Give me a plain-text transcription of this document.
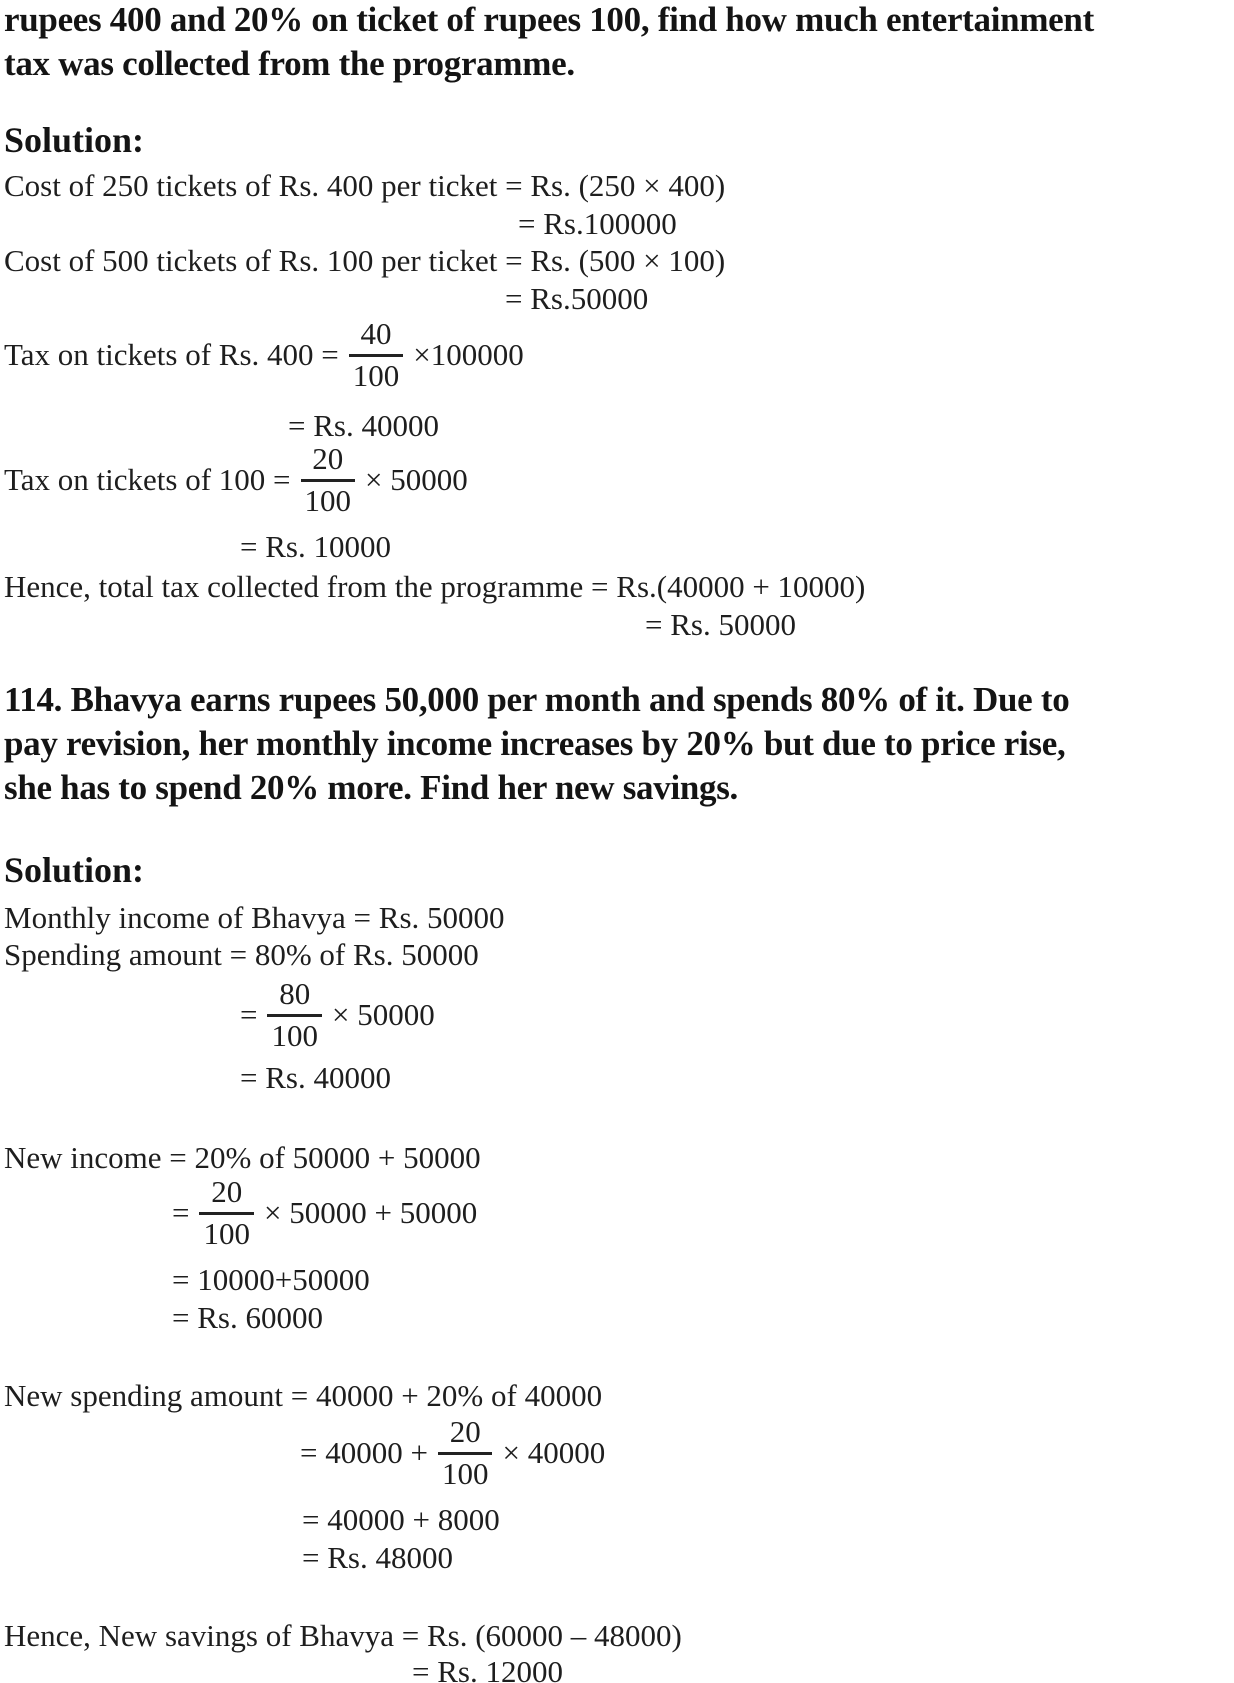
rupees 400 and 20% on ticket of rupees 100, find how much entertainment
tax was collected from the programme.
Solution:
Cost of 250 tickets of Rs. 400 per ticket = Rs. (250 × 400)
= Rs.100000
Cost of 500 tickets of Rs. 100 per ticket = Rs. (500 × 100)
= Rs.50000
Tax on tickets of Rs. $400 = \frac{40}{100} \times 100000$
= Rs. 40000
Tax on tickets of $100 = \frac{20}{100} \times 50000$
= Rs. 10000
Hence, total tax collected from the programme = Rs.(40000 + 10000)
= Rs. 50000
114. Bhavya earns rupees 50,000 per month and spends 80% of it. Due to
pay revision, her monthly income increases by 20% but due to price rise,
she has to spend 20% more. Find her new savings.
Solution:
Monthly income of Bhavya = Rs. 50000
Spending amount = 80% of Rs. 50000
= $\frac{80}{100} \times 50000$
= Rs. 40000
New income = 20% of 50000 + 50000
= $\frac{20}{100} \times 50000 + 50000$
= 10000+50000
= Rs. 60000
New spending amount = 40000 + 20% of 40000
= $40000 + \frac{20}{100} \times 40000$
= 40000 + 8000
= Rs. 48000
Hence, New savings of Bhavya = Rs. (60000 – 48000)
= Rs. 12000
